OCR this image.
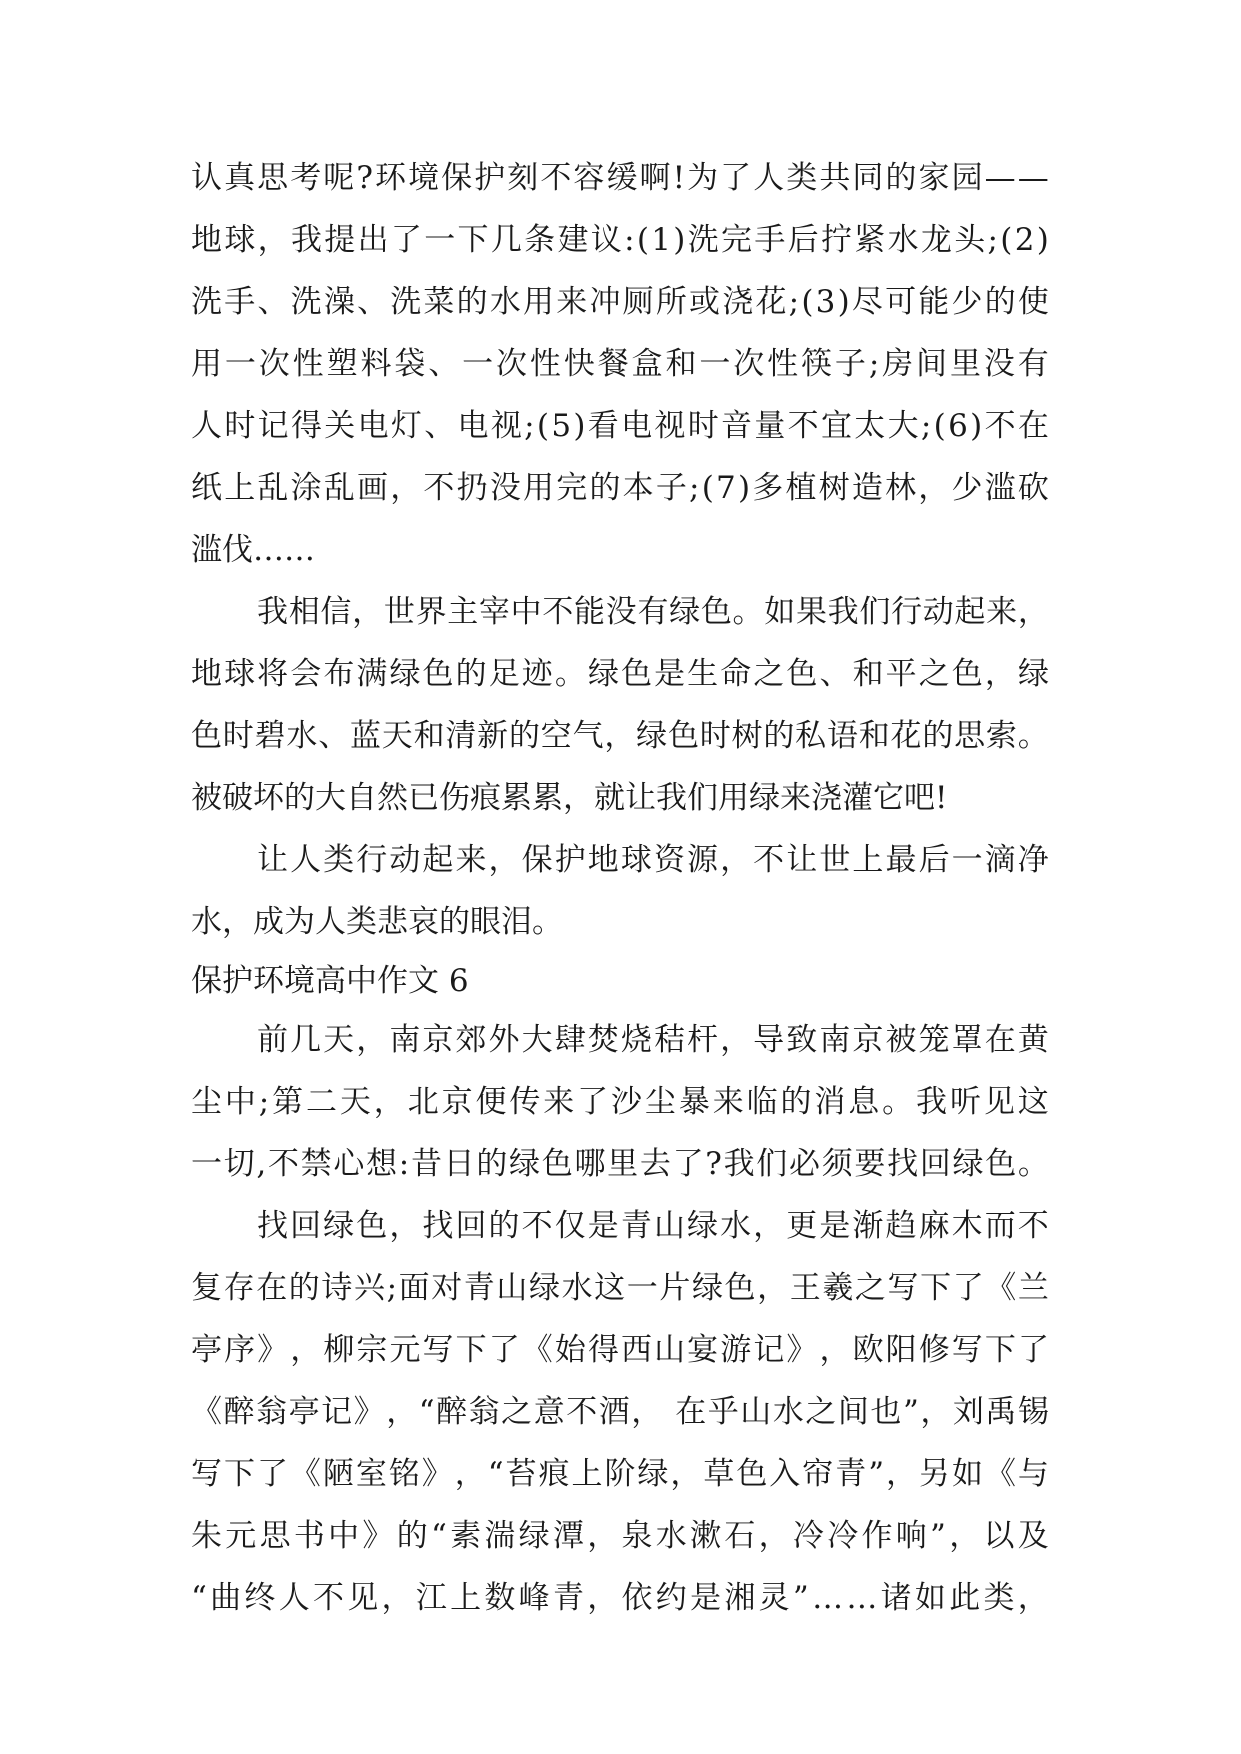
认 真 思 考 呢 ? 环 境 保 护 刻 不 容 缓 啊 ! 为 了 人 类 共 同 的 家 园 — —
地 球 ， 我 提 出 了 一 下 几 条 建 议 : ( 1 ) 洗 完 手 后 拧 紧 水 龙 头 ; ( 2 )
洗 手 、 洗 澡 、 洗 菜 的 水 用 来 冲 厕 所 或 浇 花 ; ( 3 ) 尽 可 能 少 的 使
用 一 次 性 塑 料 袋 、 一 次 性 快 餐 盒 和 一 次 性 筷 子 ; 房 间 里 没 有
人 时 记 得 关 电 灯 、 电 视 ; ( 5 ) 看 电 视 时 音 量 不 宜 太 大 ; ( 6 ) 不 在
纸 上 乱 涂 乱 画 ， 不 扔 没 用 完 的 本 子 ; ( 7 ) 多 植 树 造 林 ， 少 滥 砍
滥伐……
我 相 信 ， 世 界 主 宰 中 不 能 没 有 绿 色 。 如 果 我 们 行 动 起 来 ，
地 球 将 会 布 满 绿 色 的 足 迹 。 绿 色 是 生 命 之 色 、 和 平 之 色 ， 绿
色 时 碧 水 、 蓝 天 和 清 新 的 空 气 ， 绿 色 时 树 的 私 语 和 花 的 思 索 。
被破坏的大自然已伤痕累累，就让我们用绿来浇灌它吧!
让 人 类 行 动 起 来 ， 保 护 地 球 资 源 ， 不 让 世 上 最 后 一 滴 净
水，成为人类悲哀的眼泪。
保护环境高中作文 6
前 几 天 ， 南 京 郊 外 大 肆 焚 烧 秸 杆 ， 导 致 南 京 被 笼 罩 在 黄
尘 中 ; 第 二 天 ， 北 京 便 传 来 了 沙 尘 暴 来 临 的 消 息 。 我 听 见 这
一 切 , 不 禁 心 想 : 昔 日 的 绿 色 哪 里 去 了 ? 我 们 必 须 要 找 回 绿 色 。
找 回 绿 色 ， 找 回 的 不 仅 是 青 山 绿 水 ， 更 是 渐 趋 麻 木 而 不
复 存 在 的 诗 兴 ; 面 对 青 山 绿 水 这 一 片 绿 色 ， 王 羲 之 写 下 了 《 兰
亭 序 》 ， 柳 宗 元 写 下 了 《 始 得 西 山 宴 游 记 》 ， 欧 阳 修 写 下 了
《 醉 翁 亭 记 》 ， “ 醉 翁 之 意 不 酒 ，
在 乎 山 水 之 间 也 ” ， 刘 禹 锡
写 下 了 《 陋 室 铭 》 ， “ 苔 痕 上 阶 绿 ， 草 色 入 帘 青 ” ， 另 如 《 与
朱 元 思 书 中 》 的 “ 素 湍 绿 潭 ， 泉 水 漱 石 ， 冷 冷 作 响 ” ， 以 及
“ 曲 终 人 不 见 ， 江 上 数 峰 青 ， 依 约 是 湘 灵 ” … … 诸 如 此 类 ，
